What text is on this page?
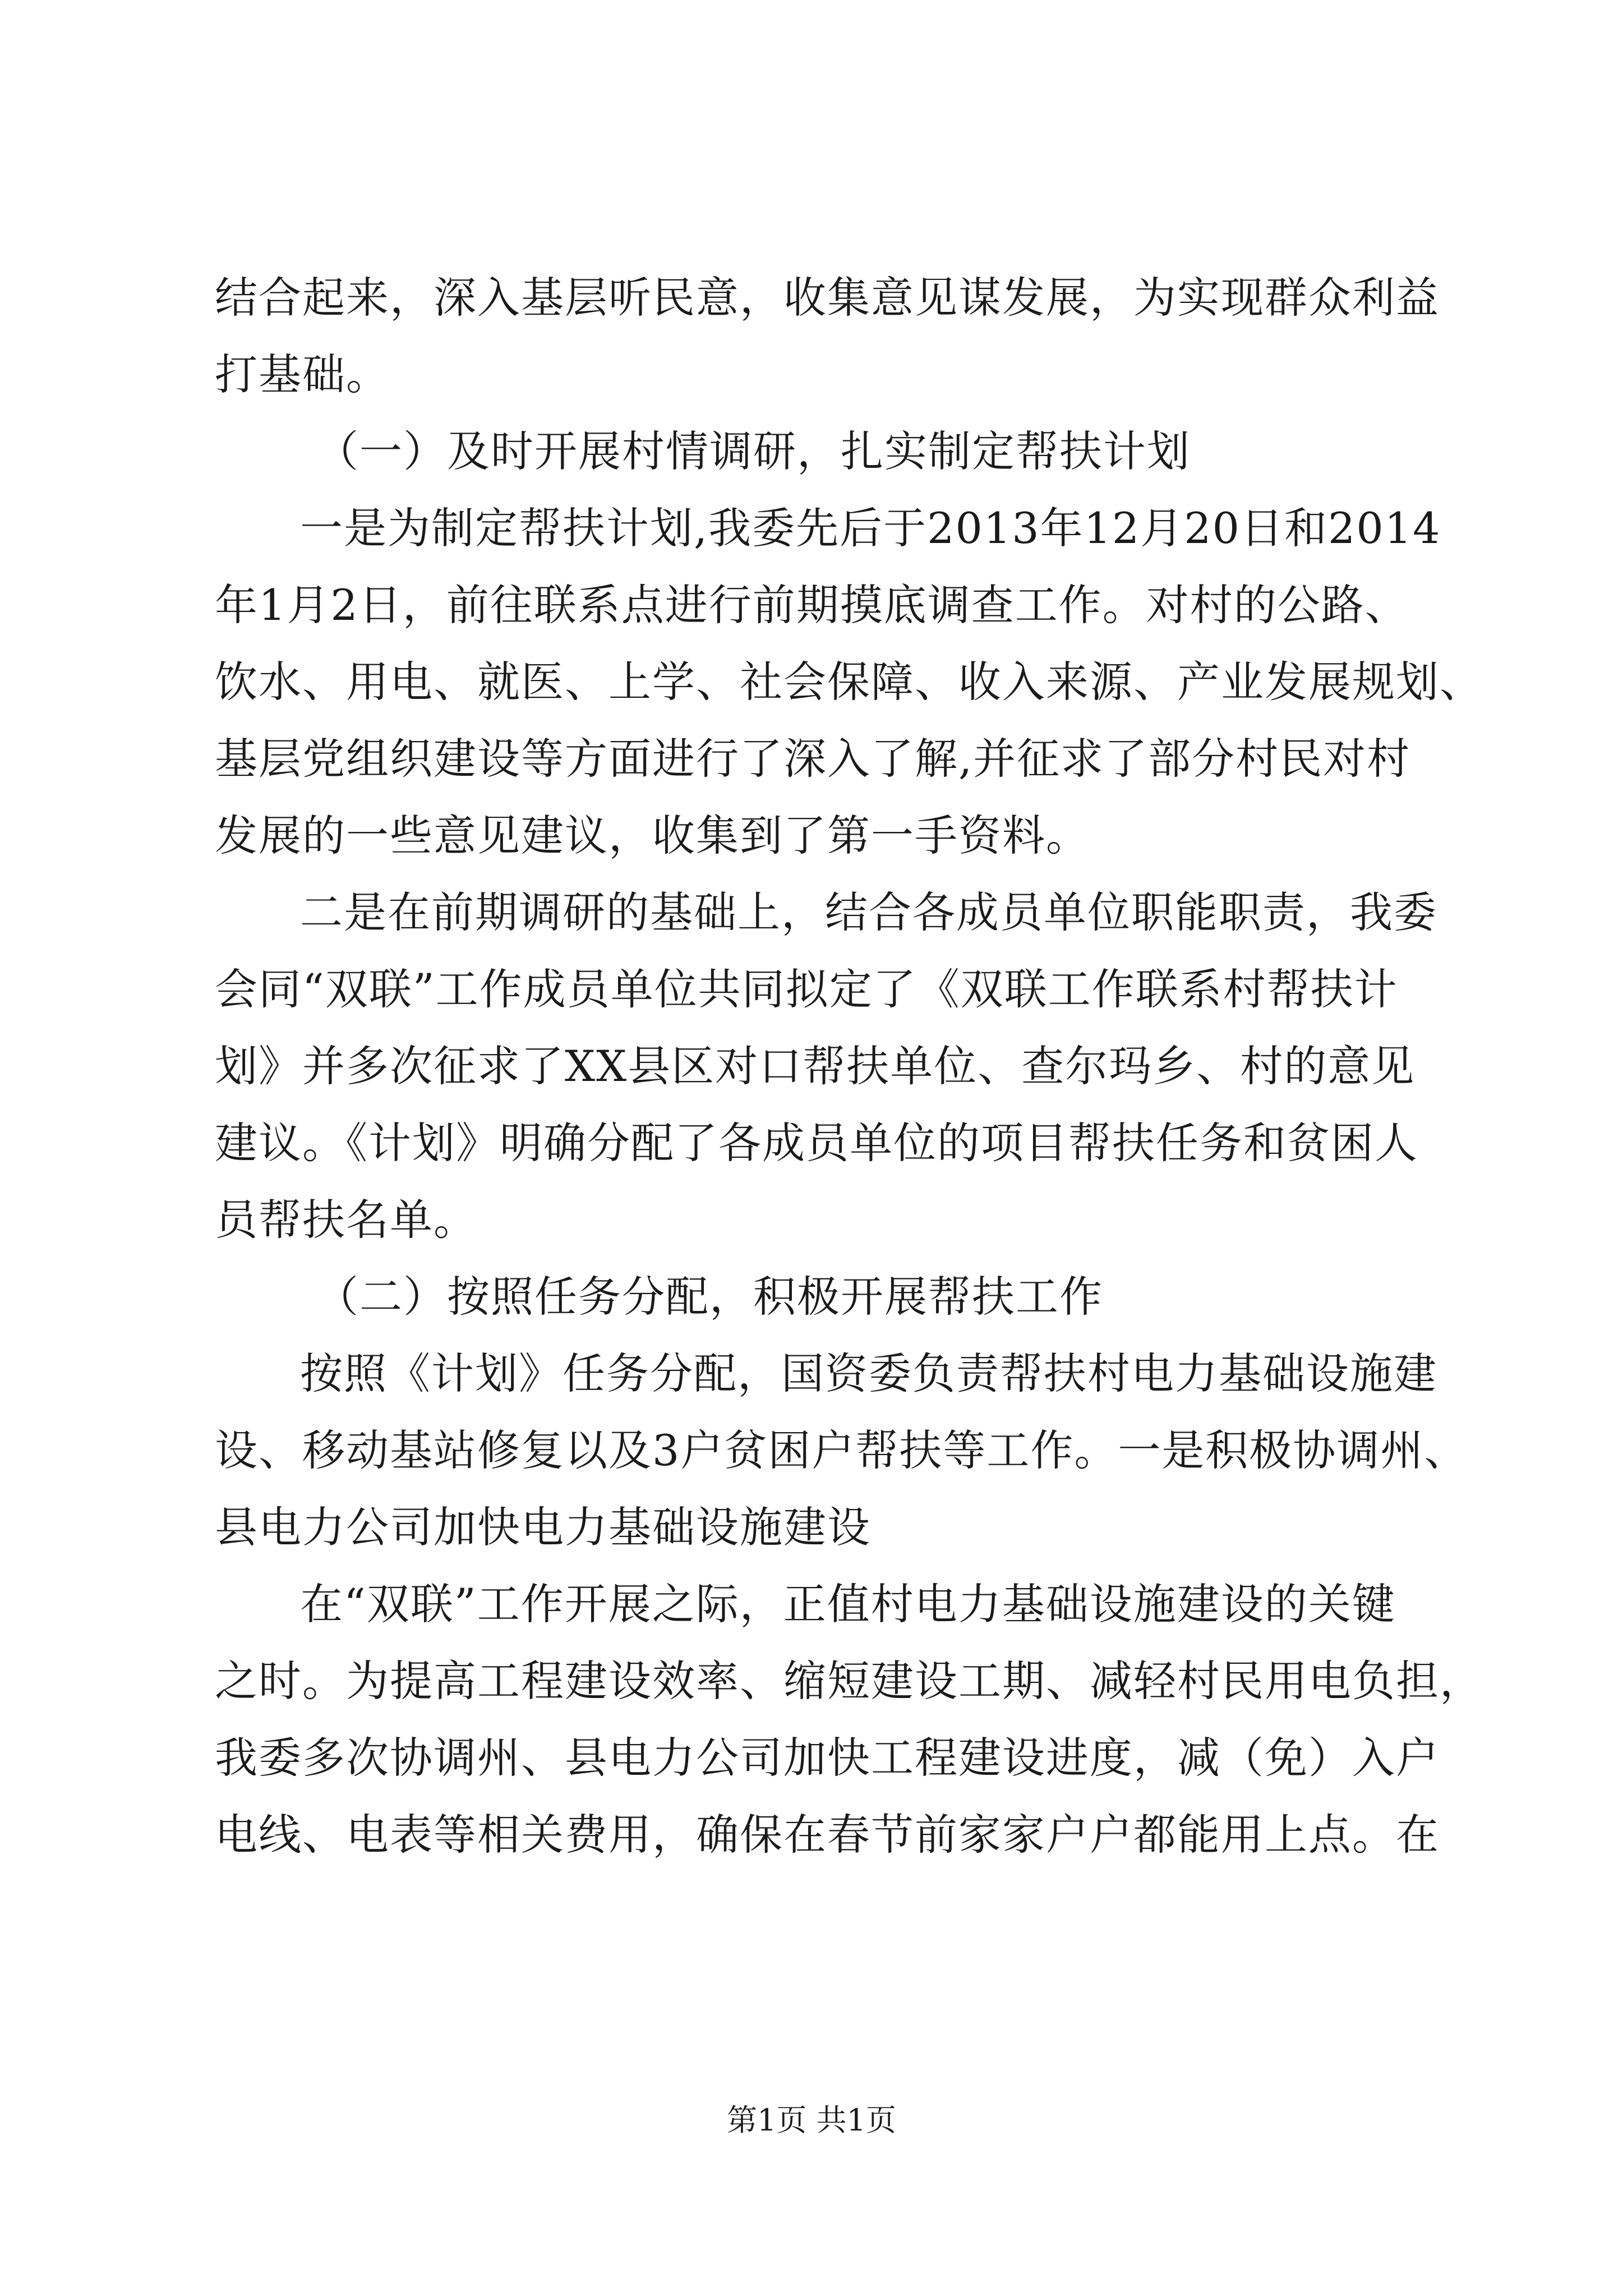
结合起来，深入基层听民意，收集意见谋发展，为实现群众利益
打基础。
（一）及时开展村情调研，扎实制定帮扶计划
一是为制定帮扶计划,我委先后于2013年12月20日和2014
年1月2日，前往联系点进行前期摸底调查工作。对村的公路、
饮水、用电、就医、上学、社会保障、收入来源、产业发展规划、
基层党组织建设等方面进行了深入了解,并征求了部分村民对村
发展的一些意见建议，收集到了第一手资料。
二是在前期调研的基础上，结合各成员单位职能职责，我委
会同“双联”工作成员单位共同拟定了《双联工作联系村帮扶计
划》并多次征求了XX县区对口帮扶单位、查尔玛乡、村的意见
建议。《计划》明确分配了各成员单位的项目帮扶任务和贫困人
员帮扶名单。
（二）按照任务分配，积极开展帮扶工作
按照《计划》任务分配，国资委负责帮扶村电力基础设施建
设、移动基站修复以及3户贫困户帮扶等工作。一是积极协调州、
县电力公司加快电力基础设施建设
在“双联”工作开展之际，正值村电力基础设施建设的关键
之时。为提高工程建设效率、缩短建设工期、减轻村民用电负担，
我委多次协调州、县电力公司加快工程建设进度，减（免）入户
电线、电表等相关费用，确保在春节前家家户户都能用上点。在
第1页 共1页
